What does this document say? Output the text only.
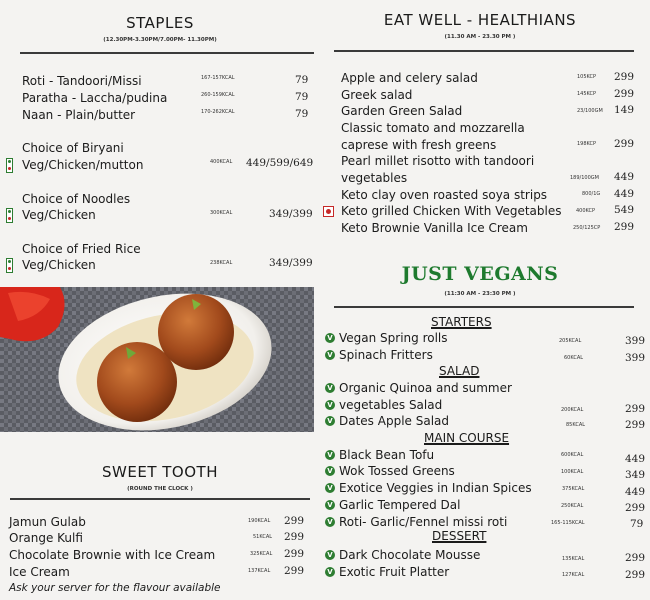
STAPLES
(12.30PM-3.30PM/7.00PM- 11.30PM)
Roti - Tandoori/Missi	167-157KCAL	79
Paratha - Laccha/pudina	260-159KCAL	79
Naan - Plain/butter	170-262KCAL	79
Choice of Biryani
Veg/Chicken/mutton	400KCAL 449/599/649
Choice of Noodles
Veg/Chicken	300KCAL	349/399
Choice of Fried Rice
Veg/Chicken	238KCAL	349/399
SWEET TOOTH
(ROUND THE CLOCK )
Jamun Gulab	190KCAL 299
Orange Kulfi	51KCAL 299
Chocolate Brownie with Ice Cream	325KCAL 299
Ice Cream	137KCAL 299
Ask your server for the flavour available
EAT WELL - HEALTHIANS
(11.30 AM - 23.30 PM )
Apple and celery salad	105KCP 299
Greek salad	145KCP 299
Garden Green Salad	23/100GM 149
Classic tomato and mozzarella
caprese with fresh greens	198KCP 299
Pearl millet risotto with tandoori
vegetables	189/100GM 449
Keto clay oven roasted soya strips	800/1G 449
Keto grilled Chicken With Vegetables	400KCP 549
Keto Brownie Vanilla Ice Cream	250/125CP 299
JUST VEGANS
(11:30 AM - 23:30 PM )
STARTERS
V Vegan Spring rolls	205KCAL	399
V Spinach Fritters	60KCAL	399
SALAD
V Organic Quinoa and summer
V vegetables Salad	200KCAL	299
V Dates Apple Salad	85KCAL	299
MAIN COURSE
V Black Bean Tofu	600KCAL	449
V Wok Tossed Greens	100KCAL	349
V Exotice Veggies in Indian Spices	375KCAL	449
V Garlic Tempered Dal	250KCAL	299
V Roti- Garlic/Fennel missi roti	165-115KCAL	79
DESSERT
V Dark Chocolate Mousse	135KCAL	299
V Exotic Fruit Platter	127KCAL	299
